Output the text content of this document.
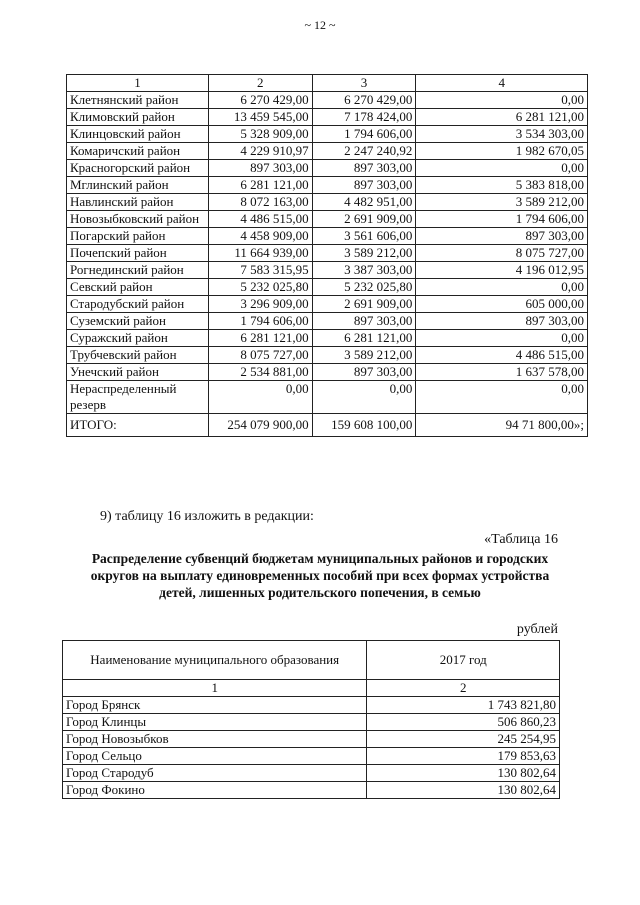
~ 12 ~
1	2	3	4
Клетнянский район	6 270 429,00	6 270 429,00	0,00
Климовский район	13 459 545,00	7 178 424,00	6 281 121,00
Клинцовский район	5 328 909,00	1 794 606,00	3 534 303,00
Комаричский район	4 229 910,97	2 247 240,92	1 982 670,05
Красногорский район	897 303,00	897 303,00	0,00
Мглинский район	6 281 121,00	897 303,00	5 383 818,00
Навлинский район	8 072 163,00	4 482 951,00	3 589 212,00
Новозыбковский район	4 486 515,00	2 691 909,00	1 794 606,00
Погарский район	4 458 909,00	3 561 606,00	897 303,00
Почепский район	11 664 939,00	3 589 212,00	8 075 727,00
Рогнединский район	7 583 315,95	3 387 303,00	4 196 012,95
Севский район	5 232 025,80	5 232 025,80	0,00
Стародубский район	3 296 909,00	2 691 909,00	605 000,00
Суземский район	1 794 606,00	897 303,00	897 303,00
Суражский район	6 281 121,00	6 281 121,00	0,00
Трубчевский район	8 075 727,00	3 589 212,00	4 486 515,00
Унечский район	2 534 881,00	897 303,00	1 637 578,00
Нераспределенный резерв	0,00	0,00	0,00
ИТОГО:	254 079 900,00	159 608 100,00	94 71 800,00»;
9) таблицу 16 изложить в редакции:
«Таблица 16
Распределение субвенций бюджетам муниципальных районов и городских округов на выплату единовременных пособий при всех формах устройства детей, лишенных родительского попечения, в семью
рублей
Наименование муниципального образования	2017 год
1	2
Город Брянск	1 743 821,80
Город Клинцы	506 860,23
Город Новозыбков	245 254,95
Город Сельцо	179 853,63
Город Стародуб	130 802,64
Город Фокино	130 802,64
